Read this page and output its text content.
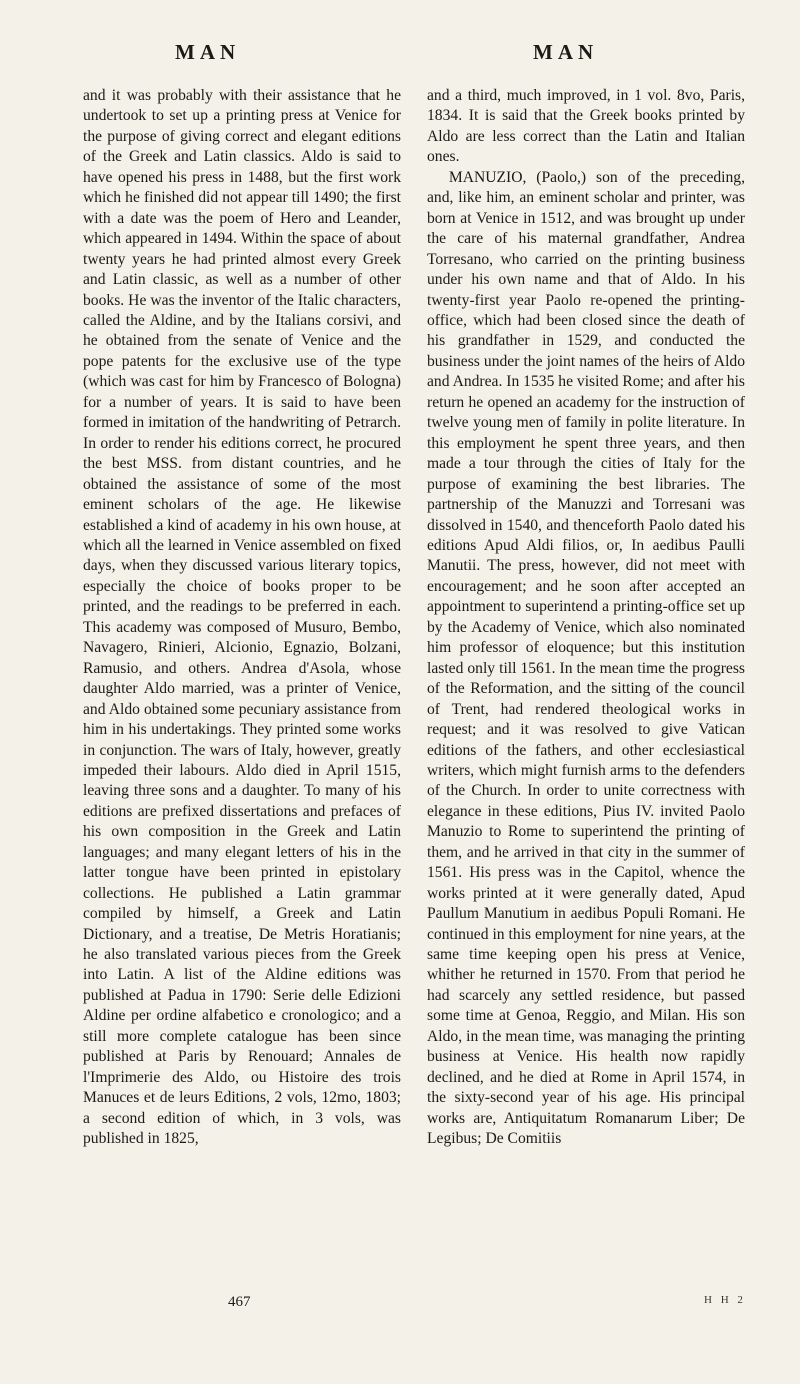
MAN	MAN

and it was probably with their assistance that he undertook to set up a printing press at Venice for the purpose of giving correct and elegant editions of the Greek and Latin classics. Aldo is said to have opened his press in 1488, but the first work which he finished did not appear till 1490; the first with a date was the poem of Hero and Leander, which appeared in 1494. Within the space of about twenty years he had printed almost every Greek and Latin classic, as well as a number of other books. He was the inventor of the Italic characters, called the Aldine, and by the Italians corsivi, and he obtained from the senate of Venice and the pope patents for the exclusive use of the type (which was cast for him by Francesco of Bologna) for a number of years. It is said to have been formed in imitation of the handwriting of Petrarch. In order to render his editions correct, he procured the best MSS. from distant countries, and he obtained the assistance of some of the most eminent scholars of the age. He likewise established a kind of academy in his own house, at which all the learned in Venice assembled on fixed days, when they discussed various literary topics, especially the choice of books proper to be printed, and the readings to be preferred in each. This academy was composed of Musuro, Bembo, Navagero, Rinieri, Alcionio, Egnazio, Bolzani, Ramusio, and others. Andrea d'Asola, whose daughter Aldo married, was a printer of Venice, and Aldo obtained some pecuniary assistance from him in his undertakings. They printed some works in conjunction. The wars of Italy, however, greatly impeded their labours. Aldo died in April 1515, leaving three sons and a daughter. To many of his editions are prefixed dissertations and prefaces of his own composition in the Greek and Latin languages; and many elegant letters of his in the latter tongue have been printed in epistolary collections. He published a Latin grammar compiled by himself, a Greek and Latin Dictionary, and a treatise, De Metris Horatianis; he also translated various pieces from the Greek into Latin. A list of the Aldine editions was published at Padua in 1790: Serie delle Edizioni Aldine per ordine alfabetico e cronologico; and a still more complete catalogue has been since published at Paris by Renouard; Annales de l'Imprimerie des Aldo, ou Histoire des trois Manuces et de leurs Editions, 2 vols, 12mo, 1803; a second edition of which, in 3 vols, was published in 1825,

and a third, much improved, in 1 vol. 8vo, Paris, 1834. It is said that the Greek books printed by Aldo are less correct than the Latin and Italian ones.

MANUZIO, (Paolo,) son of the preceding, and, like him, an eminent scholar and printer, was born at Venice in 1512, and was brought up under the care of his maternal grandfather, Andrea Torresano, who carried on the printing business under his own name and that of Aldo. In his twenty-first year Paolo re-opened the printing-office, which had been closed since the death of his grandfather in 1529, and conducted the business under the joint names of the heirs of Aldo and Andrea. In 1535 he visited Rome; and after his return he opened an academy for the instruction of twelve young men of family in polite literature. In this employment he spent three years, and then made a tour through the cities of Italy for the purpose of examining the best libraries. The partnership of the Manuzzi and Torresani was dissolved in 1540, and thenceforth Paolo dated his editions Apud Aldi filios, or, In aedibus Paulli Manutii. The press, however, did not meet with encouragement; and he soon after accepted an appointment to superintend a printing-office set up by the Academy of Venice, which also nominated him professor of eloquence; but this institution lasted only till 1561. In the mean time the progress of the Reformation, and the sitting of the council of Trent, had rendered theological works in request; and it was resolved to give Vatican editions of the fathers, and other ecclesiastical writers, which might furnish arms to the defenders of the Church. In order to unite correctness with elegance in these editions, Pius IV. invited Paolo Manuzio to Rome to superintend the printing of them, and he arrived in that city in the summer of 1561. His press was in the Capitol, whence the works printed at it were generally dated, Apud Paullum Manutium in aedibus Populi Romani. He continued in this employment for nine years, at the same time keeping open his press at Venice, whither he returned in 1570. From that period he had scarcely any settled residence, but passed some time at Genoa, Reggio, and Milan. His son Aldo, in the mean time, was managing the printing business at Venice. His health now rapidly declined, and he died at Rome in April 1574, in the sixty-second year of his age. His principal works are, Antiquitatum Romanarum Liber; De Legibus; De Comitiis

467	H H 2
